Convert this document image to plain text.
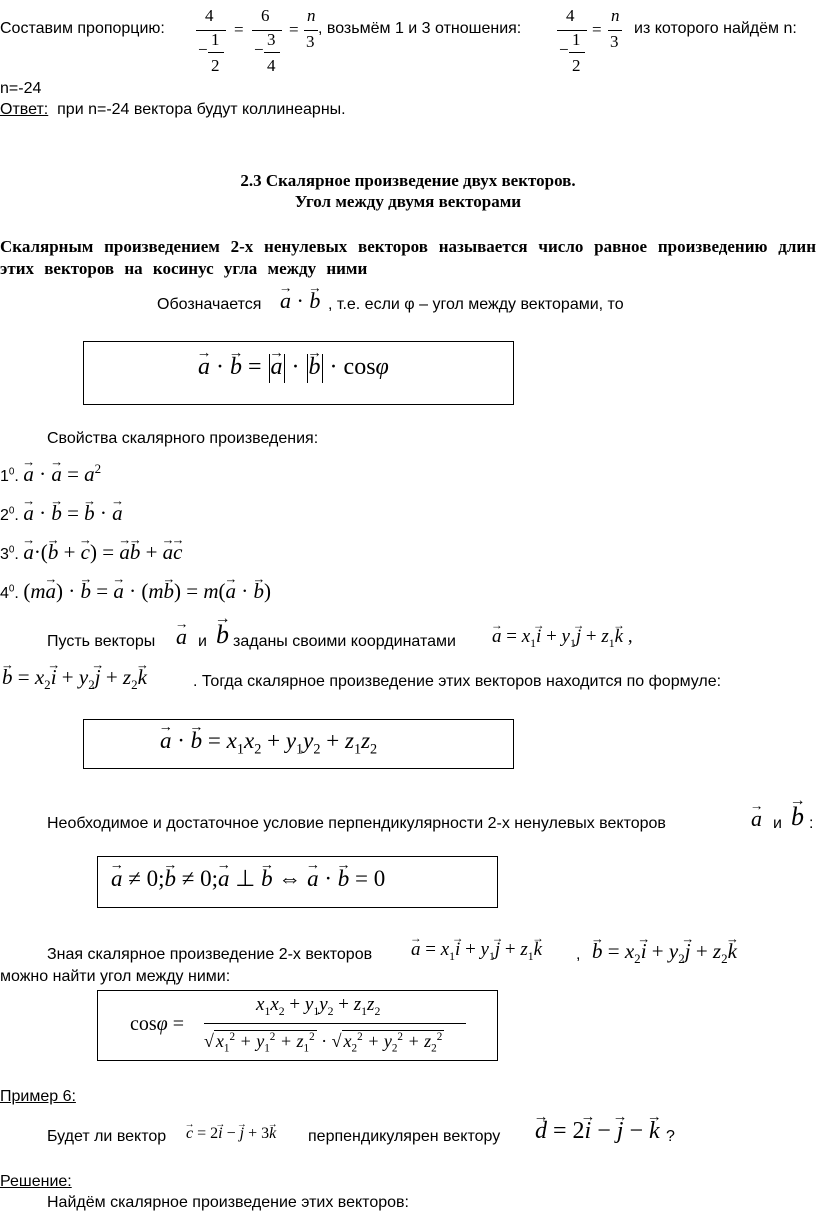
Составим пропорцию:
4
−
1
2
=
6
−
3
4
=
n
3
, возьмём 1 и 3 отношения:
4
−
1
2
=
n
3
из которого найдём n:
n=-24
Ответ: при n=-24 вектора будут коллинеарны.
2.3 Скалярное произведение двух векторов.
Угол между двумя векторами
Скалярным произведением 2-х ненулевых векторов называется число равное произведению длин этих векторов на косинус угла между ними
Обозначается → a · → b , т.е. если φ – угол между векторами, то
→ a · → b = → a · → b · cosφ
Свойства скалярного произведения:
$1^0$. → a · → $a = a^2$
$2^0$. → a · → b = → b · → a
$3^0$. → a·(→ b + → c) = → a→ b + → a→ c
$4^0$. (m→ a) · → b = → a · (m→ b) = m(→ a · → b)
Пусть векторы → a и → b заданы своими координатами → $a = x_1\to i + y_1\to j + z_1\to k$ ,
→ $b = x_2\to i + y_2\to j + z_2\to k$	. Тогда скалярное произведение этих векторов находится по формуле:
→ a · → $b = x_1x_2 + y_1y_2 + z_1z_2$
Необходимое и достаточное условие перпендикулярности 2-х ненулевых векторов	→ a и → b :
→ a ≠ 0;→ b ≠ 0;→ a ⊥ → b ⇔ → a · → b = 0
Зная скалярное произведение 2-х векторов → $a = x_1\to i + y_1\to j + z_1\to k$ , → $b = x_2\to i + y_2\to j + z_2\to k$
можно найти угол между ними:
cosφ =
$x_1x_2 + y_1y_2 + z_1z_2$
√ $x_1^2 + y_1^2 + z_1^2$ · √ $x_2^2 + y_2^2 + z_2^2$
Пример 6:
Будет ли вектор → c = 2→ i − → j + 3→ k перпендикулярен вектору → d = 2→ i − → j − → k ?
Решение:
Найдём скалярное произведение этих векторов:
